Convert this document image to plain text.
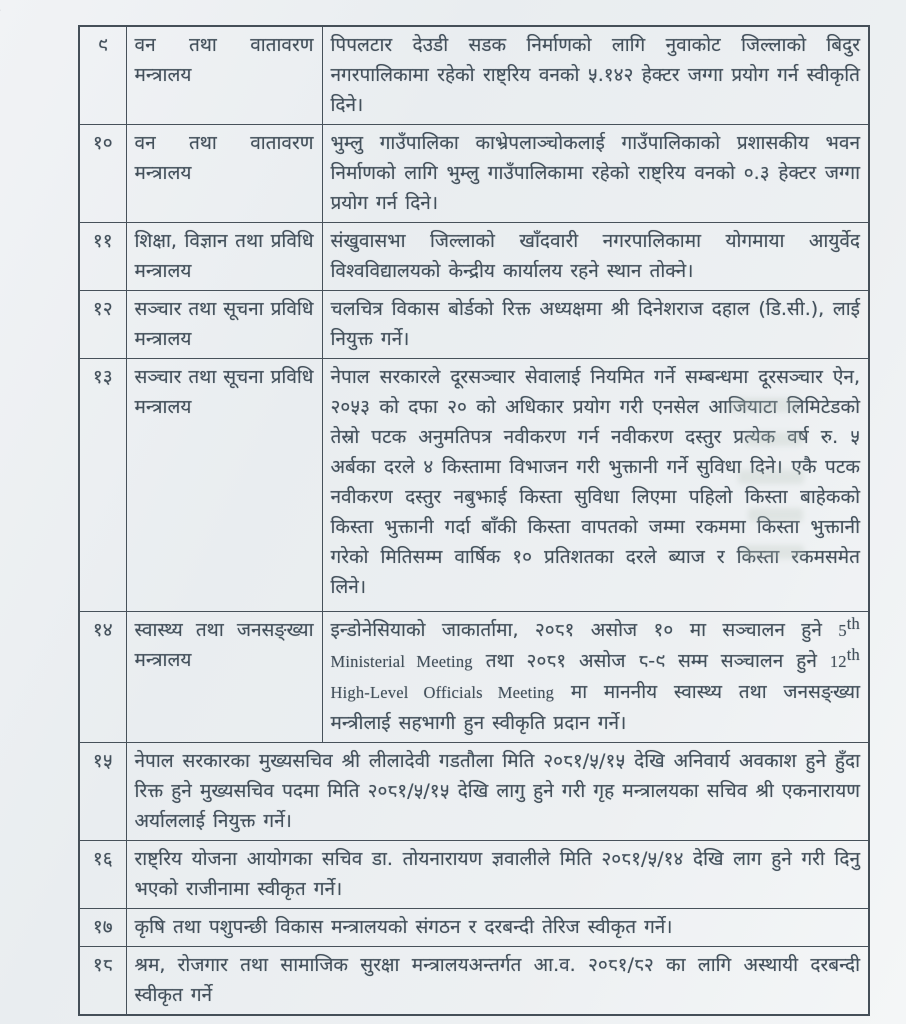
९	वन तथा वातावरण मन्त्रालय	पिपलटार देउडी सडक निर्माणको लागि नुवाकोट जिल्लाको बिदुर नगरपालिकामा रहेको राष्ट्रिय वनको ५.१४२ हेक्टर जग्गा प्रयोग गर्न स्वीकृति दिने।
१०	वन तथा वातावरण मन्त्रालय	भुम्लु गाउँपालिका काभ्रेपलाञ्चोकलाई गाउँपालिकाको प्रशासकीय भवन निर्माणको लागि भुम्लु गाउँपालिकामा रहेको राष्ट्रिय वनको ०.३ हेक्टर जग्गा प्रयोग गर्न दिने।
११	शिक्षा, विज्ञान तथा प्रविधि मन्त्रालय	संखुवासभा जिल्लाको खाँदवारी नगरपालिकामा योगमाया आयुर्वेद विश्वविद्यालयको केन्द्रीय कार्यालय रहने स्थान तोक्ने।
१२	सञ्चार तथा सूचना प्रविधि मन्त्रालय	चलचित्र विकास बोर्डको रिक्त अध्यक्षमा श्री दिनेशराज दहाल (डि.सी.), लाई नियुक्त गर्ने।
१३	सञ्चार तथा सूचना प्रविधि मन्त्रालय	नेपाल सरकारले दूरसञ्चार सेवालाई नियमित गर्ने सम्बन्धमा दूरसञ्चार ऐन, २०५३ को दफा २० को अधिकार प्रयोग गरी एनसेल आजियाटा लिमिटेडको तेस्रो पटक अनुमतिपत्र नवीकरण गर्न नवीकरण दस्तुर प्रत्येक वर्ष रु. ५ अर्बका दरले ४ किस्तामा विभाजन गरी भुक्तानी गर्ने सुविधा दिने। एकै पटक नवीकरण दस्तुर नबुझाई किस्ता सुविधा लिएमा पहिलो किस्ता बाहेकको किस्ता भुक्तानी गर्दा बाँकी किस्ता वापतको जम्मा रकममा किस्ता भुक्तानी गरेको मितिसम्म वार्षिक १० प्रतिशतका दरले ब्याज र किस्ता रकमसमेत लिने।
१४	स्वास्थ्य तथा जनसङ्ख्या मन्त्रालय	इन्डोनेसियाको जाकार्तामा, २०८१ असोज १० मा सञ्चालन हुने 5th Ministerial Meeting तथा २०८१ असोज ८-९ सम्म सञ्चालन हुने 12th High-Level Officials Meeting मा माननीय स्वास्थ्य तथा जनसङ्ख्या मन्त्रीलाई सहभागी हुन स्वीकृति प्रदान गर्ने।
१५	नेपाल सरकारका मुख्यसचिव श्री लीलादेवी गडतौला मिति २०८१/५/१५ देखि अनिवार्य अवकाश हुने हुँदा रिक्त हुने मुख्यसचिव पदमा मिति २०८१/५/१५ देखि लागु हुने गरी गृह मन्त्रालयका सचिव श्री एकनारायण अर्याललाई नियुक्त गर्ने।	
१६	राष्ट्रिय योजना आयोगका सचिव डा. तोयनारायण ज्ञवालीले मिति २०८१/५/१४ देखि लाग हुने गरी दिनु भएको राजीनामा स्वीकृत गर्ने।	
१७	कृषि तथा पशुपन्छी विकास मन्त्रालयको संगठन र दरबन्दी तेरिज स्वीकृत गर्ने।	
१८	श्रम, रोजगार तथा सामाजिक सुरक्षा मन्त्रालयअन्तर्गत आ.व. २०८१/८२ का लागि अस्थायी दरबन्दी स्वीकृत गर्ने	
